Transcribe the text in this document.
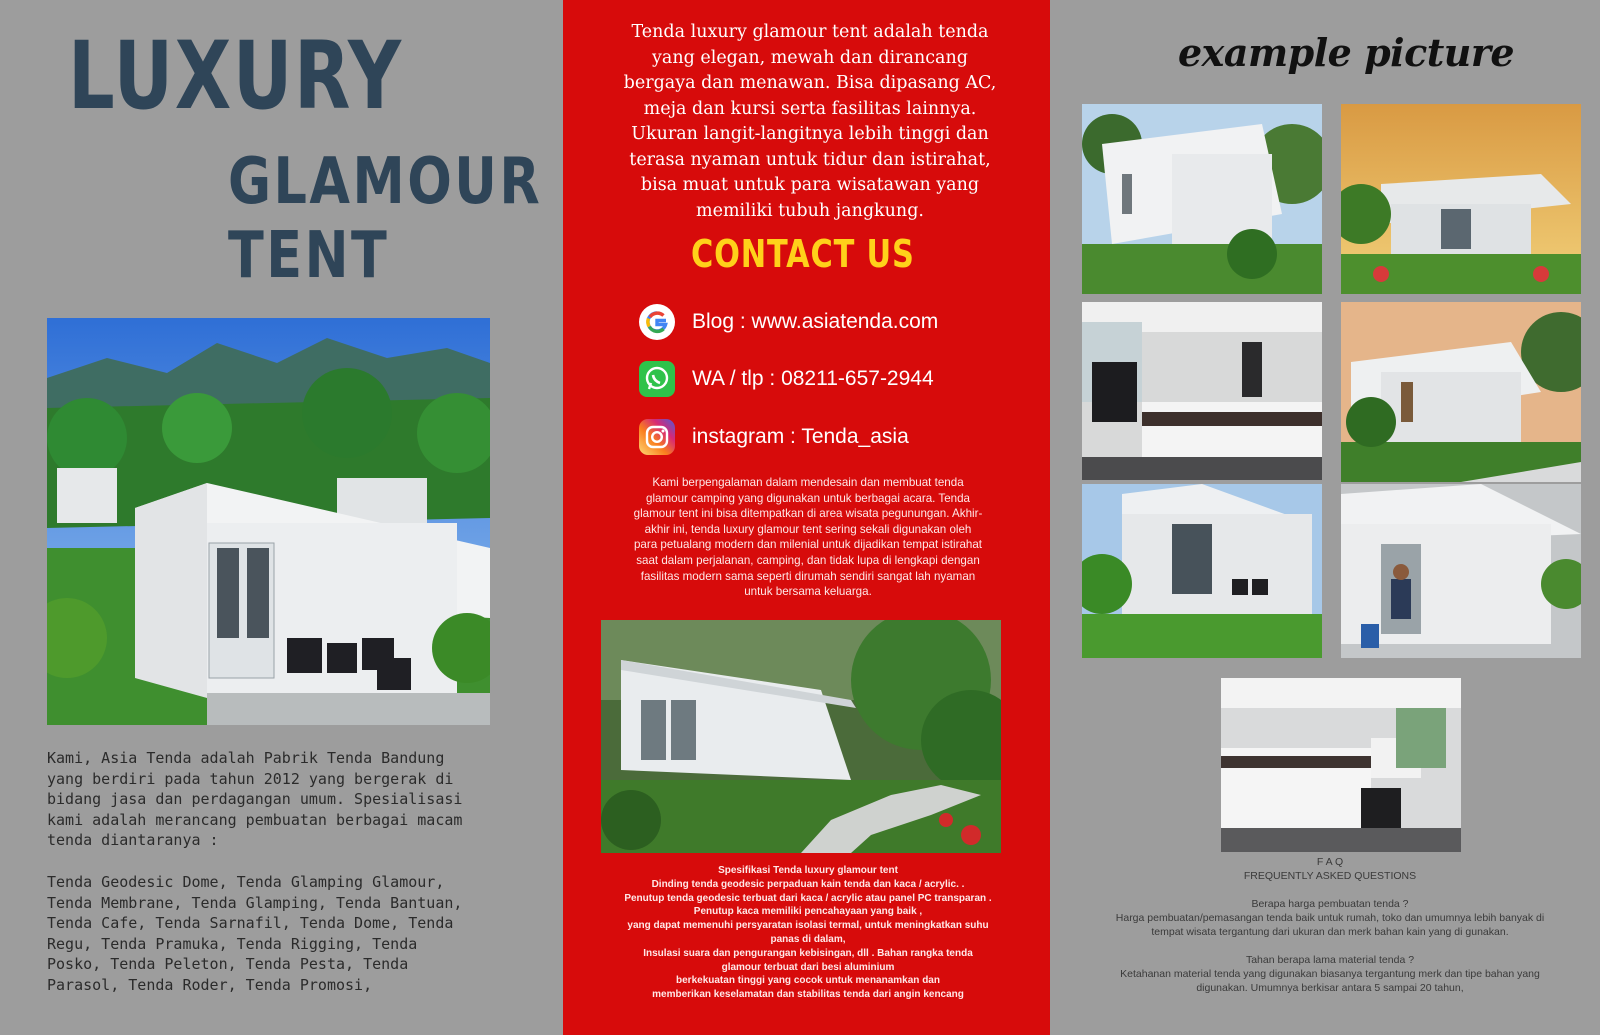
LUXURY
GLAMOUR
TENT
Kami, Asia Tenda adalah Pabrik Tenda Bandung yang berdiri pada tahun 2012 yang bergerak di bidang jasa dan perdagangan umum. Spesialisasi kami adalah merancang pembuatan berbagai macam tenda diantaranya :
Tenda Geodesic Dome, Tenda Glamping Glamour, Tenda Membrane, Tenda Glamping, Tenda Bantuan, Tenda Cafe, Tenda Sarnafil, Tenda Dome, Tenda Regu, Tenda Pramuka, Tenda Rigging, Tenda Posko, Tenda Peleton, Tenda Pesta, Tenda Parasol, Tenda Roder, Tenda Promosi,
Tenda luxury glamour tent adalah tenda yang elegan, mewah dan dirancang bergaya dan menawan. Bisa dipasang AC, meja dan kursi serta fasilitas lainnya. Ukuran langit-langitnya lebih tinggi dan terasa nyaman untuk tidur dan istirahat, bisa muat untuk para wisatawan yang memiliki tubuh jangkung.
CONTACT US
Blog : www.asiatenda.com
WA / tlp : 08211-657-2944
instagram : Tenda_asia
Kami berpengalaman dalam mendesain dan membuat tenda glamour camping yang digunakan untuk berbagai acara. Tenda glamour tent ini bisa ditempatkan di area wisata pegunungan. Akhir-akhir ini, tenda luxury glamour tent sering sekali digunakan oleh para petualang modern dan milenial untuk dijadikan tempat istirahat saat dalam perjalanan, camping, dan tidak lupa di lengkapi dengan fasilitas modern sama seperti dirumah sendiri sangat lah nyaman untuk bersama keluarga.
Spesifikasi Tenda luxury glamour tent
Dinding tenda geodesic perpaduan kain tenda dan kaca / acrylic. .
Penutup tenda geodesic terbuat dari kaca / acrylic atau panel PC transparan .
Penutup kaca memiliki pencahayaan yang baik ,
yang dapat memenuhi persyaratan isolasi termal, untuk meningkatkan suhu panas di dalam,
Insulasi suara dan pengurangan kebisingan, dll . Bahan rangka tenda glamour terbuat dari besi aluminium
berkekuatan tinggi yang cocok untuk menanamkan dan
memberikan keselamatan dan stabilitas tenda dari angin kencang
example picture
F A Q
FREQUENTLY ASKED QUESTIONS
Berapa harga pembuatan tenda ?
Harga pembuatan/pemasangan tenda baik untuk rumah, toko dan umumnya lebih banyak di tempat wisata tergantung dari ukuran dan merk bahan kain yang di gunakan.
Tahan berapa lama material tenda ?
Ketahanan material tenda yang digunakan biasanya tergantung merk dan tipe bahan yang digunakan. Umumnya berkisar antara 5 sampai 20 tahun,
